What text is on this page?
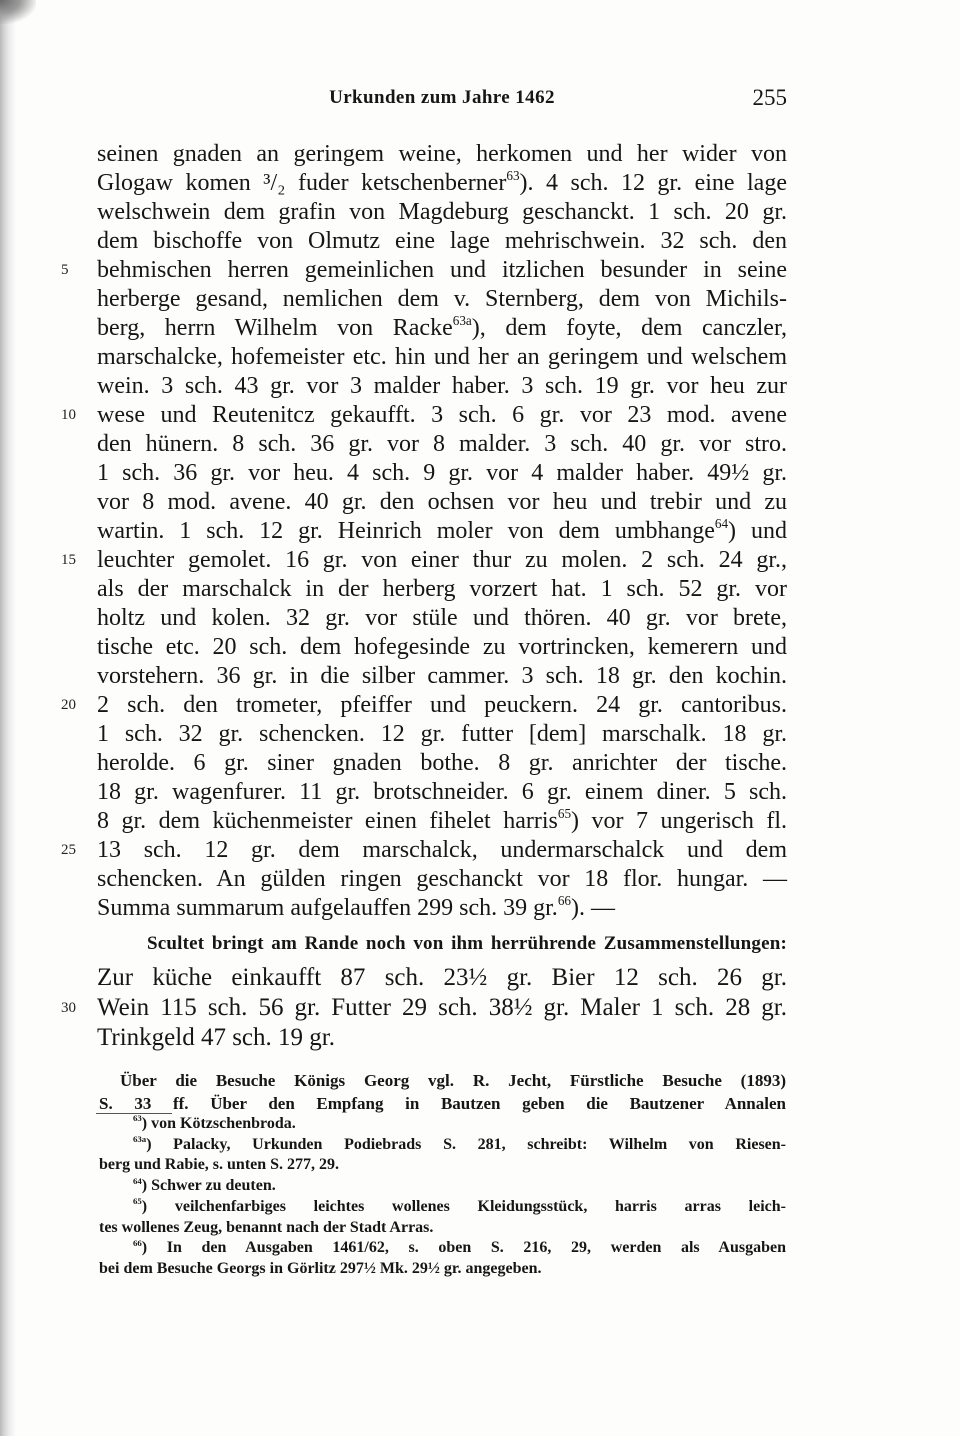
Urkunden zum Jahre 1462	255
seinen gnaden an geringem weine, herkomen und her wider von
Glogaw komen ³/₂ fuder ketschenberner$^{63}$). 4 sch. 12 gr. eine lage
welschwein dem grafin von Magdeburg geschanckt. 1 sch. 20 gr.
dem bischoffe von Olmutz eine lage mehrischwein. 32 sch. den
5 behmischen herren gemeinlichen und itzlichen besunder in seine
herberge gesand, nemlichen dem v. Sternberg, dem von Michils-
berg, herrn Wilhelm von Racke$^{63a}$), dem foyte, dem canczler,
marschalcke, hofemeister etc. hin und her an geringem und welschem
wein. 3 sch. 43 gr. vor 3 malder haber. 3 sch. 19 gr. vor heu zur
10 wese und Reutenitcz gekaufft. 3 sch. 6 gr. vor 23 mod. avene
den hünern. 8 sch. 36 gr. vor 8 malder. 3 sch. 40 gr. vor stro.
1 sch. 36 gr. vor heu. 4 sch. 9 gr. vor 4 malder haber. 49½ gr.
vor 8 mod. avene. 40 gr. den ochsen vor heu und trebir und zu
wartin. 1 sch. 12 gr. Heinrich moler von dem umbhange$^{64}$) und
15 leuchter gemolet. 16 gr. von einer thur zu molen. 2 sch. 24 gr.,
als der marschalck in der herberg vorzert hat. 1 sch. 52 gr. vor
holtz und kolen. 32 gr. vor stüle und thören. 40 gr. vor brete,
tische etc. 20 sch. dem hofegesinde zu vortrincken, kemerern und
vorstehern. 36 gr. in die silber cammer. 3 sch. 18 gr. den kochin.
20 2 sch. den trometer, pfeiffer und peuckern. 24 gr. cantoribus.
1 sch. 32 gr. schencken. 12 gr. futter [dem] marschalk. 18 gr.
herolde. 6 gr. siner gnaden bothe. 8 gr. anrichter der tische.
18 gr. wagenfurer. 11 gr. brotschneider. 6 gr. einem diner. 5 sch.
8 gr. dem küchenmeister einen fihelet harris$^{65}$) vor 7 ungerisch fl.
25 13 sch. 12 gr. dem marschalck, undermarschalck und dem
schencken. An gülden ringen geschanckt vor 18 flor. hungar. —
Summa summarum aufgelauffen 299 sch. 39 gr.$^{66}$). —
Scultet bringt am Rande noch von ihm herrührende Zusammenstellungen:
Zur küche einkaufft 87 sch. 23½ gr. Bier 12 sch. 26 gr.
30 Wein 115 sch. 56 gr. Futter 29 sch. 38½ gr. Maler 1 sch. 28 gr.
Trinkgeld 47 sch. 19 gr.
Über die Besuche Königs Georg vgl. R. Jecht, Fürstliche Besuche (1893)
S. 33 ff. Über den Empfang in Bautzen geben die Bautzener Annalen
$^{63}$) von Kötzschenbroda.
$^{63a}$) Palacky, Urkunden Podiebrads S. 281, schreibt: Wilhelm von Riesen-
berg und Rabie, s. unten S. 277, 29.
$^{64}$) Schwer zu deuten.
$^{65}$) veilchenfarbiges leichtes wollenes Kleidungsstück, harris arras leich-
tes wollenes Zeug, benannt nach der Stadt Arras.
$^{66}$) In den Ausgaben 1461/62, s. oben S. 216, 29, werden als Ausgaben
bei dem Besuche Georgs in Görlitz 297½ Mk. 29½ gr. angegeben.
